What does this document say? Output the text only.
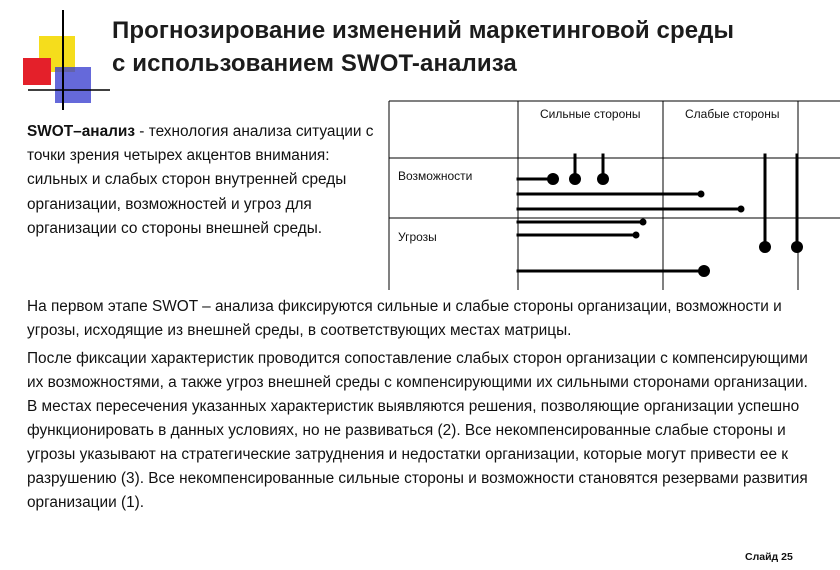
Прогнозирование изменений маркетинговой среды
с использованием SWOT-анализа

SWOT–анализ - технология анализа ситуации с точки зрения четырех акцентов внимания: сильных и слабых сторон внутренней среды организации, возможностей и угроз для организации со стороны внешней среды.

Сильные стороны	Слабые стороны
Возможности
Угрозы

На первом этапе SWOT – анализа фиксируются сильные и слабые стороны организации, возможности и угрозы, исходящие из внешней среды, в соответствующих местах матрицы.

После фиксации характеристик проводится сопоставление слабых сторон организации с компенсирующими их возможностями, а также угроз внешней среды с компенсирующими их сильными сторонами организации. В местах пересечения указанных характеристик выявляются решения, позволяющие организации успешно функционировать в данных условиях, но не развиваться (2). Все некомпенсированные слабые стороны и угрозы указывают на стратегические затруднения и недостатки организации, которые могут привести ее к разрушению (3). Все некомпенсированные сильные стороны и возможности становятся резервами развития организации (1).

Слайд 25
